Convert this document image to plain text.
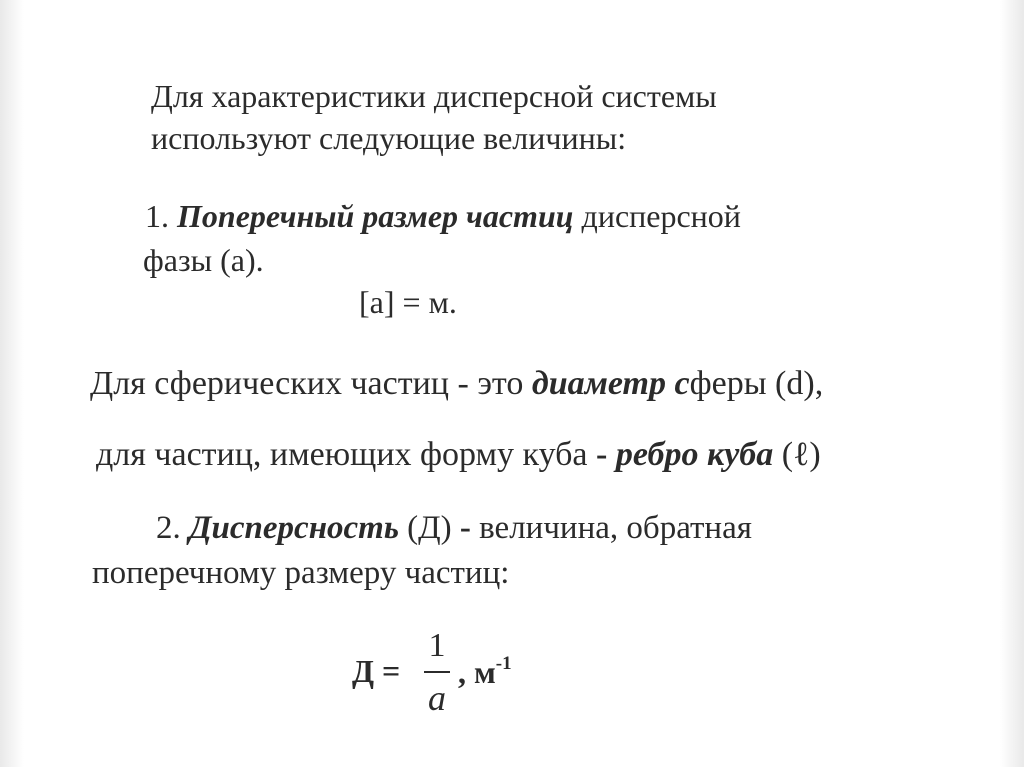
Для характеристики дисперсной системы
используют следующие величины:
1. Поперечный размер частиц дисперсной
фазы (а).
[а] = м.
Для сферических частиц - это диаметр сферы (d),
для частиц, имеющих форму куба - ребро куба (ℓ)
2. Дисперсность (Д) - величина, обратная
поперечному размеру частиц:
Д =
1
a
, $м^{-1}$
